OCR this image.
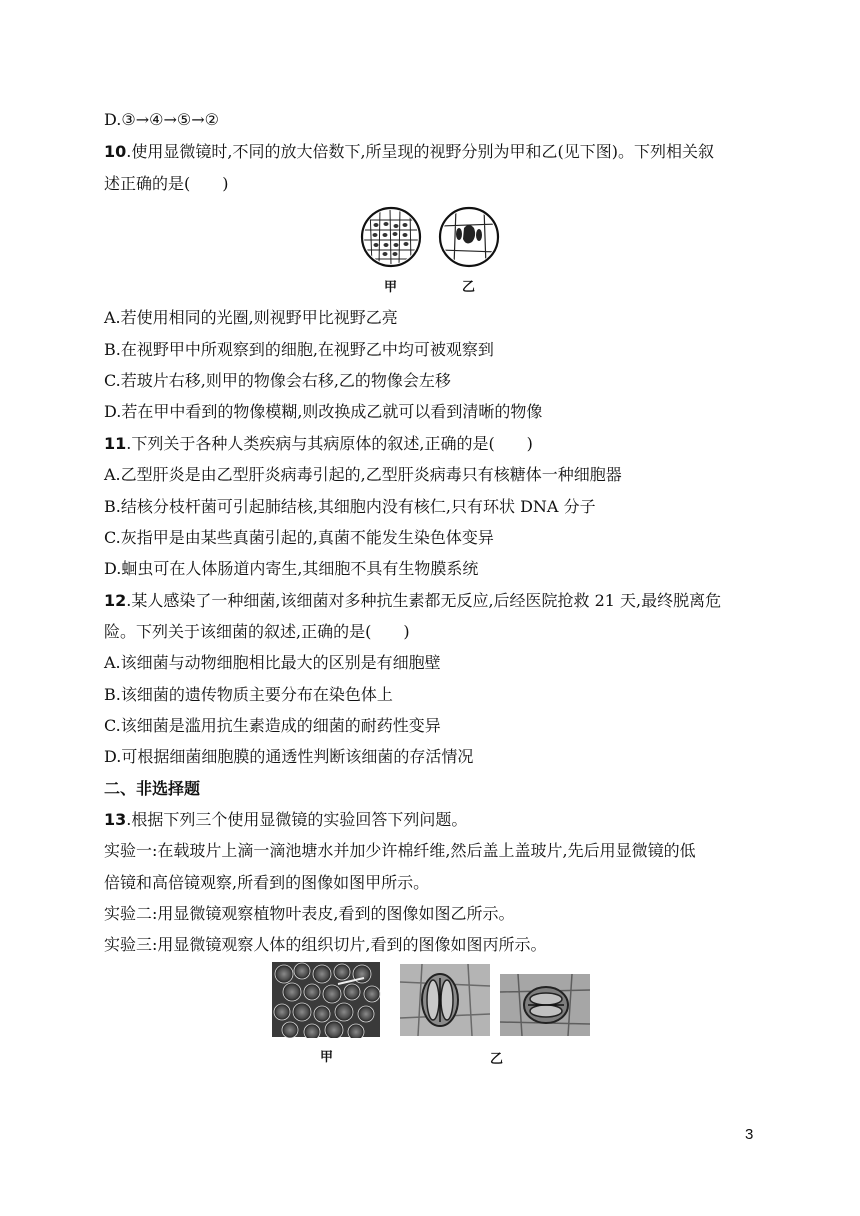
D.③→④→⑤→②
10.使用显微镜时,不同的放大倍数下,所呈现的视野分别为甲和乙(见下图)。下列相关叙
述正确的是(　　)
A.若使用相同的光圈,则视野甲比视野乙亮
B.在视野甲中所观察到的细胞,在视野乙中均可被观察到
C.若玻片右移,则甲的物像会右移,乙的物像会左移
D.若在甲中看到的物像模糊,则改换成乙就可以看到清晰的物像
11.下列关于各种人类疾病与其病原体的叙述,正确的是(　　)
A.乙型肝炎是由乙型肝炎病毒引起的,乙型肝炎病毒只有核糖体一种细胞器
B.结核分枝杆菌可引起肺结核,其细胞内没有核仁,只有环状 DNA 分子
C.灰指甲是由某些真菌引起的,真菌不能发生染色体变异
D.蛔虫可在人体肠道内寄生,其细胞不具有生物膜系统
12.某人感染了一种细菌,该细菌对多种抗生素都无反应,后经医院抢救 21 天,最终脱离危
险。下列关于该细菌的叙述,正确的是(　　)
A.该细菌与动物细胞相比最大的区别是有细胞壁
B.该细菌的遗传物质主要分布在染色体上
C.该细菌是滥用抗生素造成的细菌的耐药性变异
D.可根据细菌细胞膜的通透性判断该细菌的存活情况
二、非选择题
13.根据下列三个使用显微镜的实验回答下列问题。
实验一:在载玻片上滴一滴池塘水并加少许棉纤维,然后盖上盖玻片,先后用显微镜的低
倍镜和高倍镜观察,所看到的图像如图甲所示。
实验二:用显微镜观察植物叶表皮,看到的图像如图乙所示。
实验三:用显微镜观察人体的组织切片,看到的图像如图丙所示。
甲	乙
甲	乙
3
